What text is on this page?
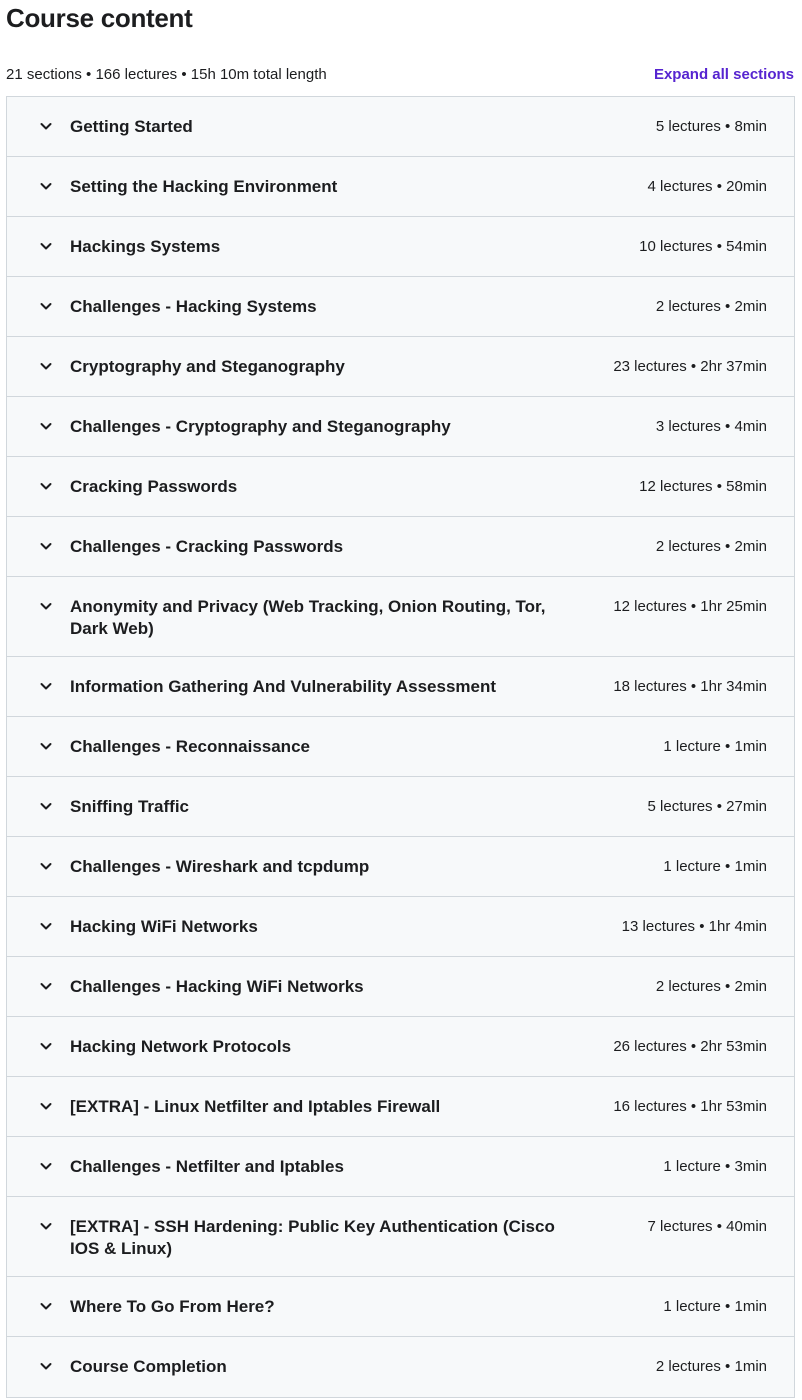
Course content
21 sections • 166 lectures • 15h 10m total length	Expand all sections
Getting Started	5 lectures • 8min
Setting the Hacking Environment	4 lectures • 20min
Hackings Systems	10 lectures • 54min
Challenges - Hacking Systems	2 lectures • 2min
Cryptography and Steganography	23 lectures • 2hr 37min
Challenges - Cryptography and Steganography	3 lectures • 4min
Cracking Passwords	12 lectures • 58min
Challenges - Cracking Passwords	2 lectures • 2min
Anonymity and Privacy (Web Tracking, Onion Routing, Tor, Dark Web)
12 lectures • 1hr 25min
Information Gathering And Vulnerability Assessment	18 lectures • 1hr 34min
Challenges - Reconnaissance	1 lecture • 1min
Sniffing Traffic	5 lectures • 27min
Challenges - Wireshark and tcpdump	1 lecture • 1min
Hacking WiFi Networks	13 lectures • 1hr 4min
Challenges - Hacking WiFi Networks	2 lectures • 2min
Hacking Network Protocols	26 lectures • 2hr 53min
[EXTRA] - Linux Netfilter and Iptables Firewall	16 lectures • 1hr 53min
Challenges - Netfilter and Iptables	1 lecture • 3min
[EXTRA] - SSH Hardening: Public Key Authentication (Cisco IOS & Linux)
7 lectures • 40min
Where To Go From Here?	1 lecture • 1min
Course Completion	2 lectures • 1min
